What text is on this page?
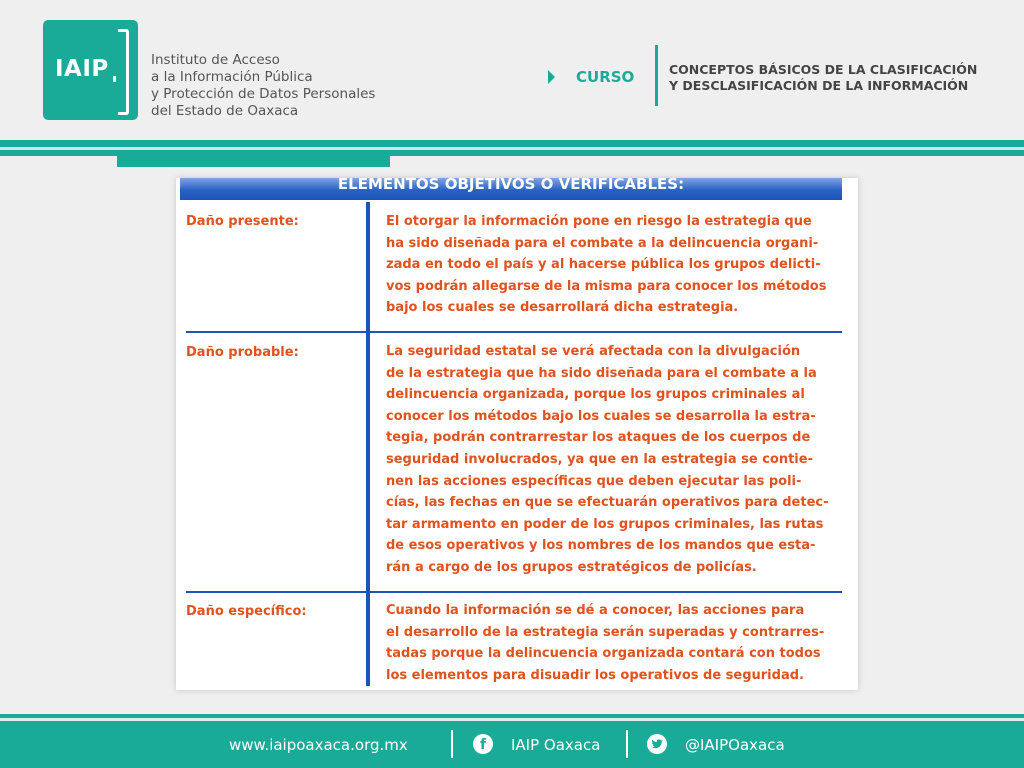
IAIP	Instituto de Acceso
a la Información Pública
y Protección de Datos Personales
del Estado de Oaxaca
CURSO	CONCEPTOS BÁSICOS DE LA CLASIFICACIÓN
Y DESCLASIFICACIÓN DE LA INFORMACIÓN
ELEMENTOS OBJETIVOS O VERIFICABLES:
Daño presente:	El otorgar la información pone en riesgo la estrategia que
ha sido diseñada para el combate a la delincuencia organi-
zada en todo el país y al hacerse pública los grupos delicti-
vos podrán allegarse de la misma para conocer los métodos
bajo los cuales se desarrollará dicha estrategia.
Daño probable:	La seguridad estatal se verá afectada con la divulgación
de la estrategia que ha sido diseñada para el combate a la
delincuencia organizada, porque los grupos criminales al
conocer los métodos bajo los cuales se desarrolla la estra-
tegia, podrán contrarrestar los ataques de los cuerpos de
seguridad involucrados, ya que en la estrategia se contie-
nen las acciones específicas que deben ejecutar las poli-
cías, las fechas en que se efectuarán operativos para detec-
tar armamento en poder de los grupos criminales, las rutas
de esos operativos y los nombres de los mandos que esta-
rán a cargo de los grupos estratégicos de policías.
Daño específico:	Cuando la información se dé a conocer, las acciones para
el desarrollo de la estrategia serán superadas y contrarres-
tadas porque la delincuencia organizada contará con todos
los elementos para disuadir los operativos de seguridad.
www.iaipoaxaca.org.mx	f	IAIP Oaxaca	@IAIPOaxaca
